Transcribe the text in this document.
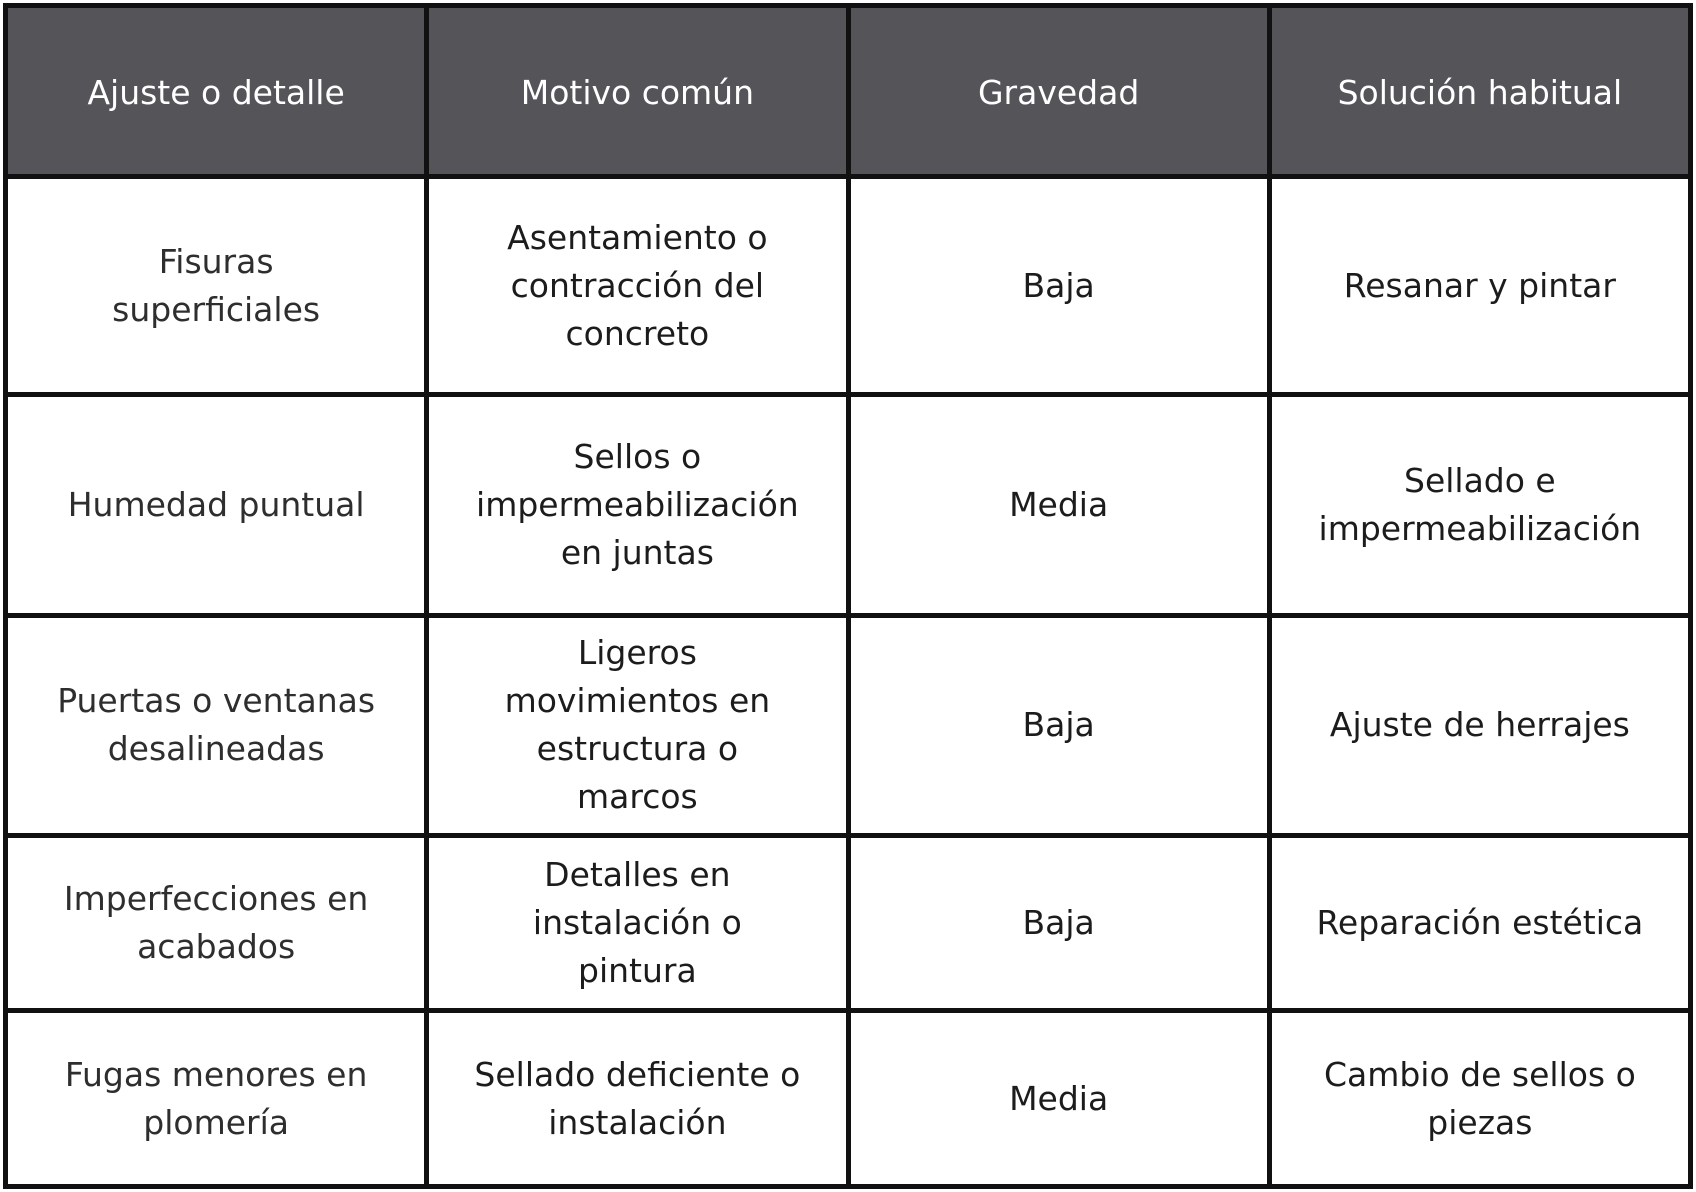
Ajuste o detalle	Motivo común	Gravedad	Solución habitual
Fisuras superficiales	Asentamiento o contracción del concreto	Baja	Resanar y pintar
Humedad puntual	Sellos o impermeabilización en juntas	Media	Sellado e impermeabilización
Puertas o ventanas desalineadas	Ligeros movimientos en estructura o marcos	Baja	Ajuste de herrajes
Imperfecciones en acabados	Detalles en instalación o pintura	Baja	Reparación estética
Fugas menores en plomería	Sellado deficiente o instalación	Media	Cambio de sellos o piezas
